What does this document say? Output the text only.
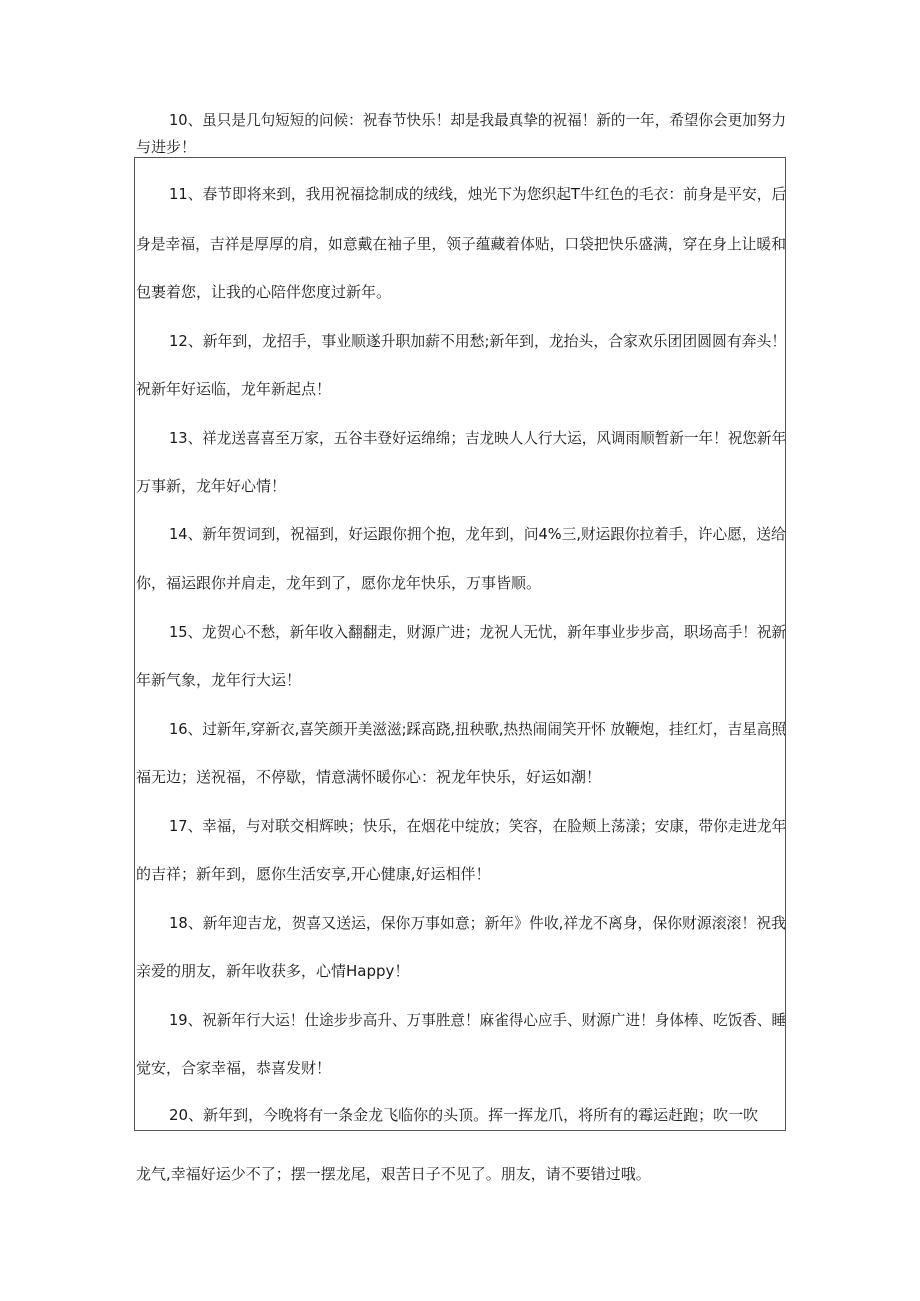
10、虽只是几句短短的问候：祝春节快乐！却是我最真挚的祝福！新的一年，希望你会更加努力

与进步！

11、春节即将来到，我用祝福捻制成的绒线，烛光下为您织起T牛红色的毛衣：前身是平安，后

身是幸福，吉祥是厚厚的肩，如意戴在袖子里，领子蕴藏着体贴，口袋把快乐盛满，穿在身上让暖和

包裹着您，让我的心陪伴您度过新年。

12、新年到，龙招手，事业顺遂升职加薪不用愁;新年到，龙抬头，合家欢乐团团圆圆有奔头！

祝新年好运临，龙年新起点！

13、祥龙送喜喜至万家，五谷丰登好运绵绵；吉龙映人人行大运，风调雨顺暂新一年！祝您新年

万事新，龙年好心情！

14、新年贺词到，祝福到，好运跟你拥个抱，龙年到，问4%三,财运跟你拉着手，许心愿，送给

你，福运跟你并肩走，龙年到了，愿你龙年快乐，万事皆顺。

15、龙贺心不愁，新年收入翻翻走，财源广进；龙祝人无忧，新年事业步步高，职场高手！祝新

年新气象，龙年行大运！

16、过新年,穿新衣,喜笑颜开美滋滋;踩高跷,扭秧歌,热热闹闹笑开怀 放鞭炮，挂红灯，吉星高照

福无边；送祝福，不停歇，情意满怀暖你心：祝龙年快乐，好运如潮！

17、幸福，与对联交相辉映；快乐，在烟花中绽放；笑容，在脸颊上荡漾；安康，带你走进龙年

的吉祥；新年到，愿你生活安享,开心健康,好运相伴！

18、新年迎吉龙，贺喜又送运，保你万事如意；新年》件收,祥龙不离身，保你财源滚滚！祝我

亲爱的朋友，新年收获多，心情Happy！

19、祝新年行大运！仕途步步高升、万事胜意！麻雀得心应手、财源广进！身体棒、吃饭香、睡

觉安，合家幸福，恭喜发财！

20、新年到，今晚将有一条金龙飞临你的头顶。挥一挥龙爪，将所有的霉运赶跑；吹一吹

龙气,幸福好运少不了；摆一摆龙尾，艰苦日子不见了。朋友，请不要错过哦。
